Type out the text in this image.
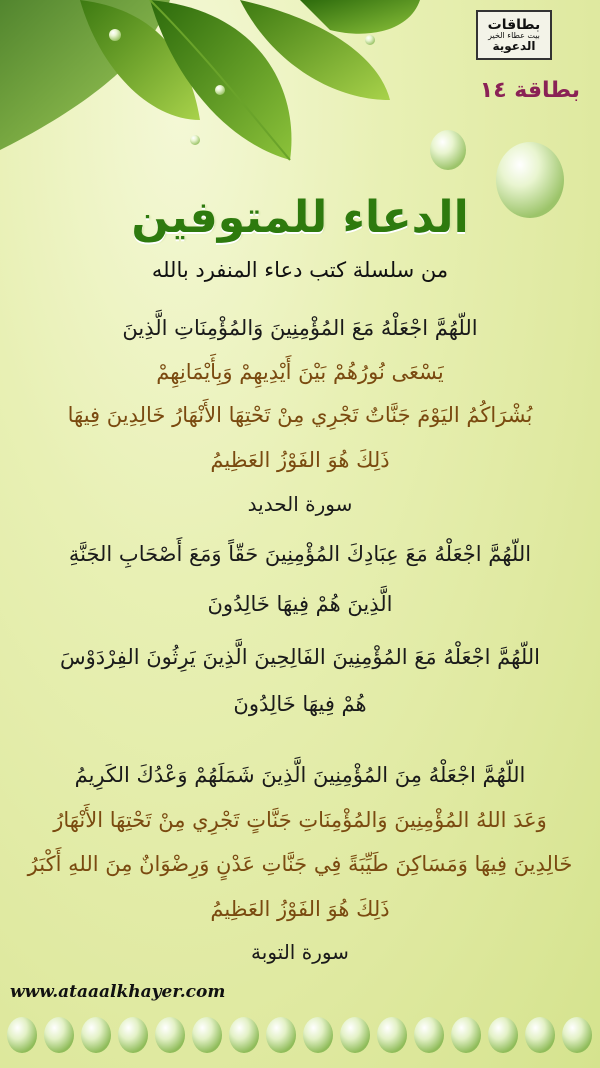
بطاقات
بيت عطاء الخير
الدعوية
بطاقة ١٤
الدعاء للمتوفين
من سلسلة كتب دعاء المنفرد بالله
اللّهُمَّ اجْعَلْهُ مَعَ المُؤْمِنِينَ وَالمُؤْمِنَاتِ الَّذِينَ
يَسْعَى نُورُهُمْ بَيْنَ أَيْدِيهِمْ وَبِأَيْمَانِهِمْ
بُشْرَاكُمُ اليَوْمَ جَنَّاتٌ تَجْرِي مِنْ تَحْتِهَا الأَنْهَارُ خَالِدِينَ فِيهَا
ذَلِكَ هُوَ الفَوْزُ العَظِيمُ
سورة الحديد
اللّهُمَّ اجْعَلْهُ مَعَ عِبَادِكَ المُؤْمِنِينَ حَقّاً وَمَعَ أَصْحَابِ الجَنَّةِ
الَّذِينَ هُمْ فِيهَا خَالِدُونَ
اللّهُمَّ اجْعَلْهُ مَعَ المُؤْمِنِينَ الفَالِحِينَ الَّذِينَ يَرِثُونَ الفِرْدَوْسَ
هُمْ فِيهَا خَالِدُونَ
اللّهُمَّ اجْعَلْهُ مِنَ المُؤْمِنِينَ الَّذِينَ شَمَلَهُمْ وَعْدُكَ الكَرِيمُ
وَعَدَ اللهُ المُؤْمِنِينَ وَالمُؤْمِنَاتِ جَنَّاتٍ تَجْرِي مِنْ تَحْتِهَا الأَنْهَارُ
خَالِدِينَ فِيهَا وَمَسَاكِنَ طَيِّبَةً فِي جَنَّاتِ عَدْنٍ وَرِضْوَانٌ مِنَ اللهِ أَكْبَرُ
ذَلِكَ هُوَ الفَوْزُ العَظِيمُ
سورة التوبة
www.ataaalkhayer.com
